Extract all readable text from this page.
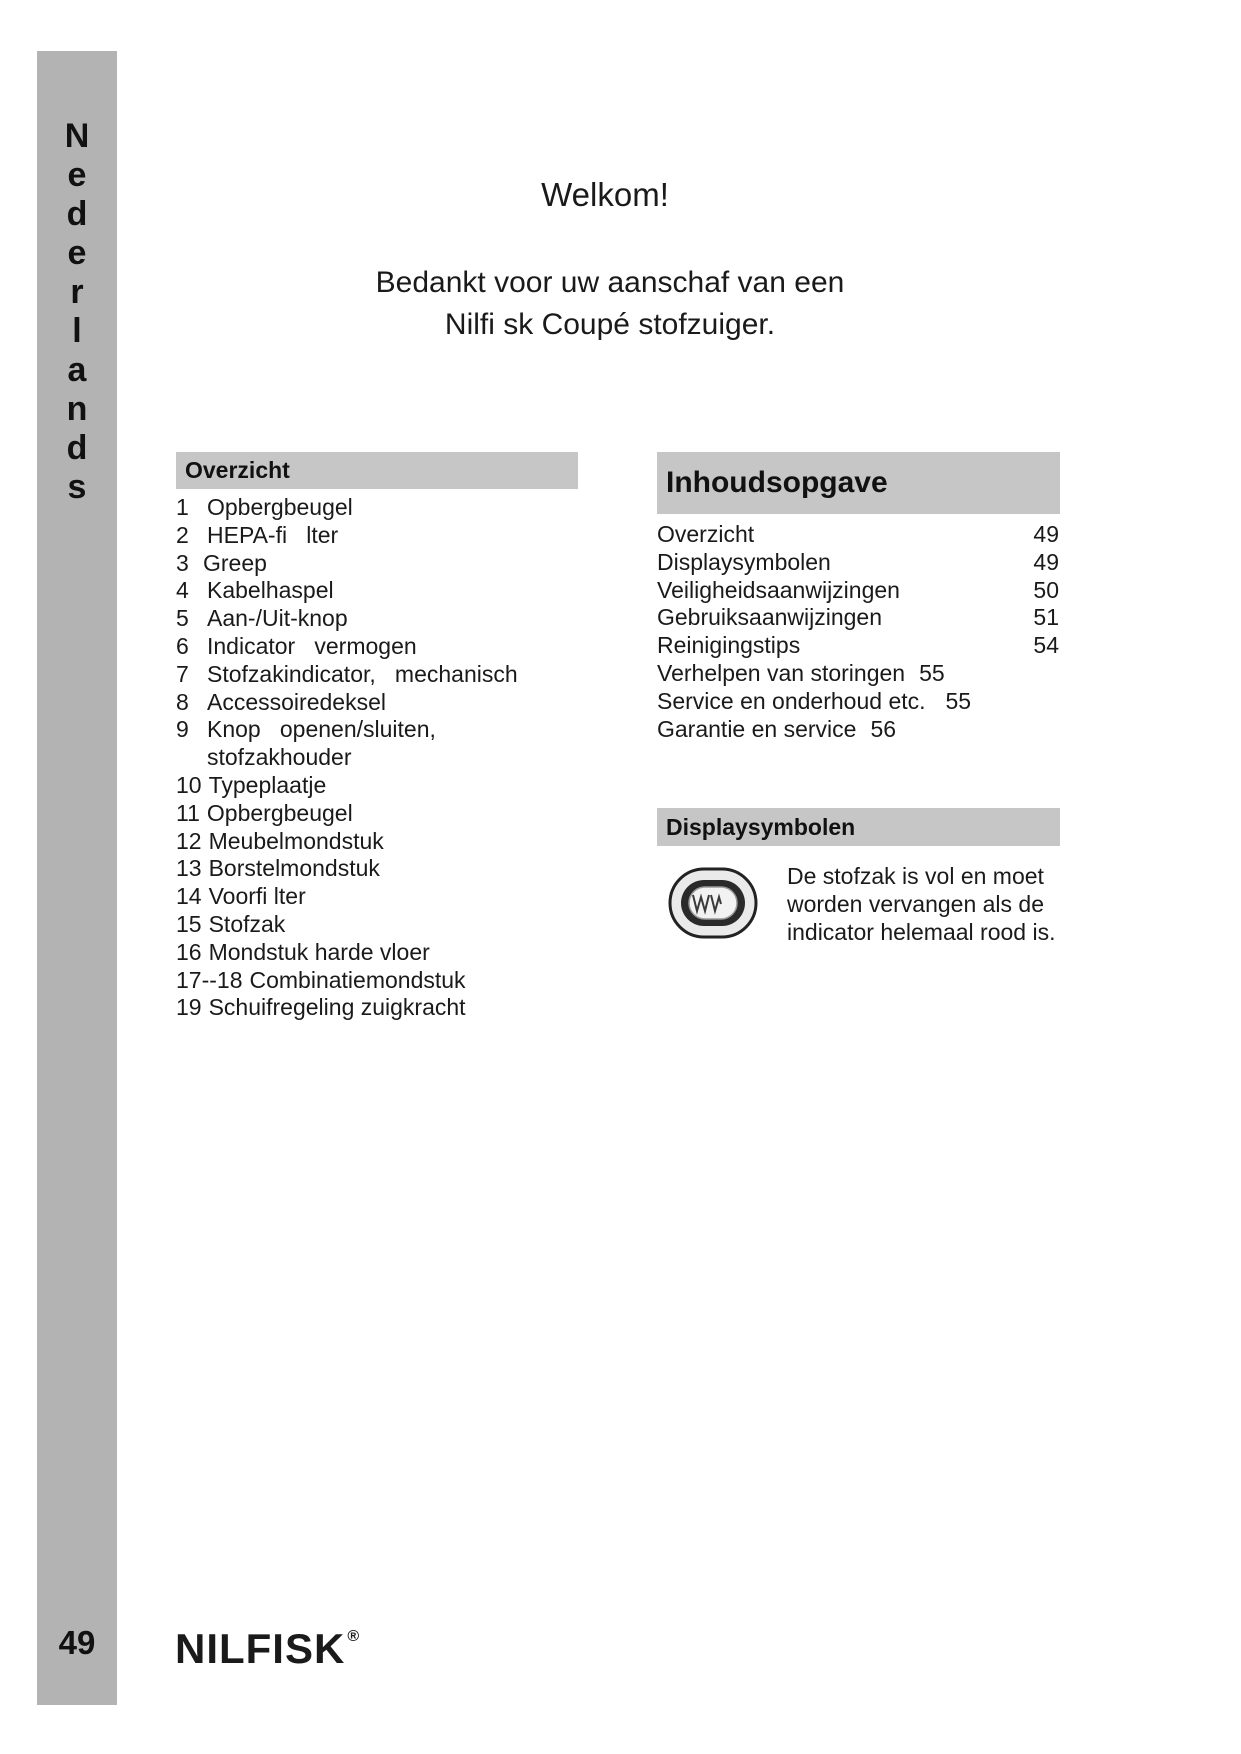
N
e
d
e
r
l
a
n
d
s
49
Welkom!
Bedankt voor uw aanschaf van een
Nilfi sk Coupé stofzuiger.
Overzicht
1 Opbergbeugel
2 HEPA-fi   lter
3 Greep
4 Kabelhaspel
5 Aan-/Uit-knop
6 Indicator   vermogen
7 Stofzakindicator,   mechanisch
8 Accessoiredeksel
9 Knop   openen/sluiten,
stofzakhouder
10 Typeplaatje
11 Opbergbeugel
12 Meubelmondstuk
13 Borstelmondstuk
14 Voorfi lter
15 Stofzak
16 Mondstuk harde vloer
17--18 Combinatiemondstuk
19 Schuifregeling zuigkracht
Inhoudsopgave
Overzicht	49
Displaysymbolen	49
Veiligheidsaanwijzingen	50
Gebruiksaanwijzingen	51
Reinigingstips	54
Verhelpen van storingen 55
Service en onderhoud etc. 55
Garantie en service 56
Displaysymbolen
De stofzak is vol en moet
worden vervangen als de
indicator helemaal rood is.
NILFISK ®
